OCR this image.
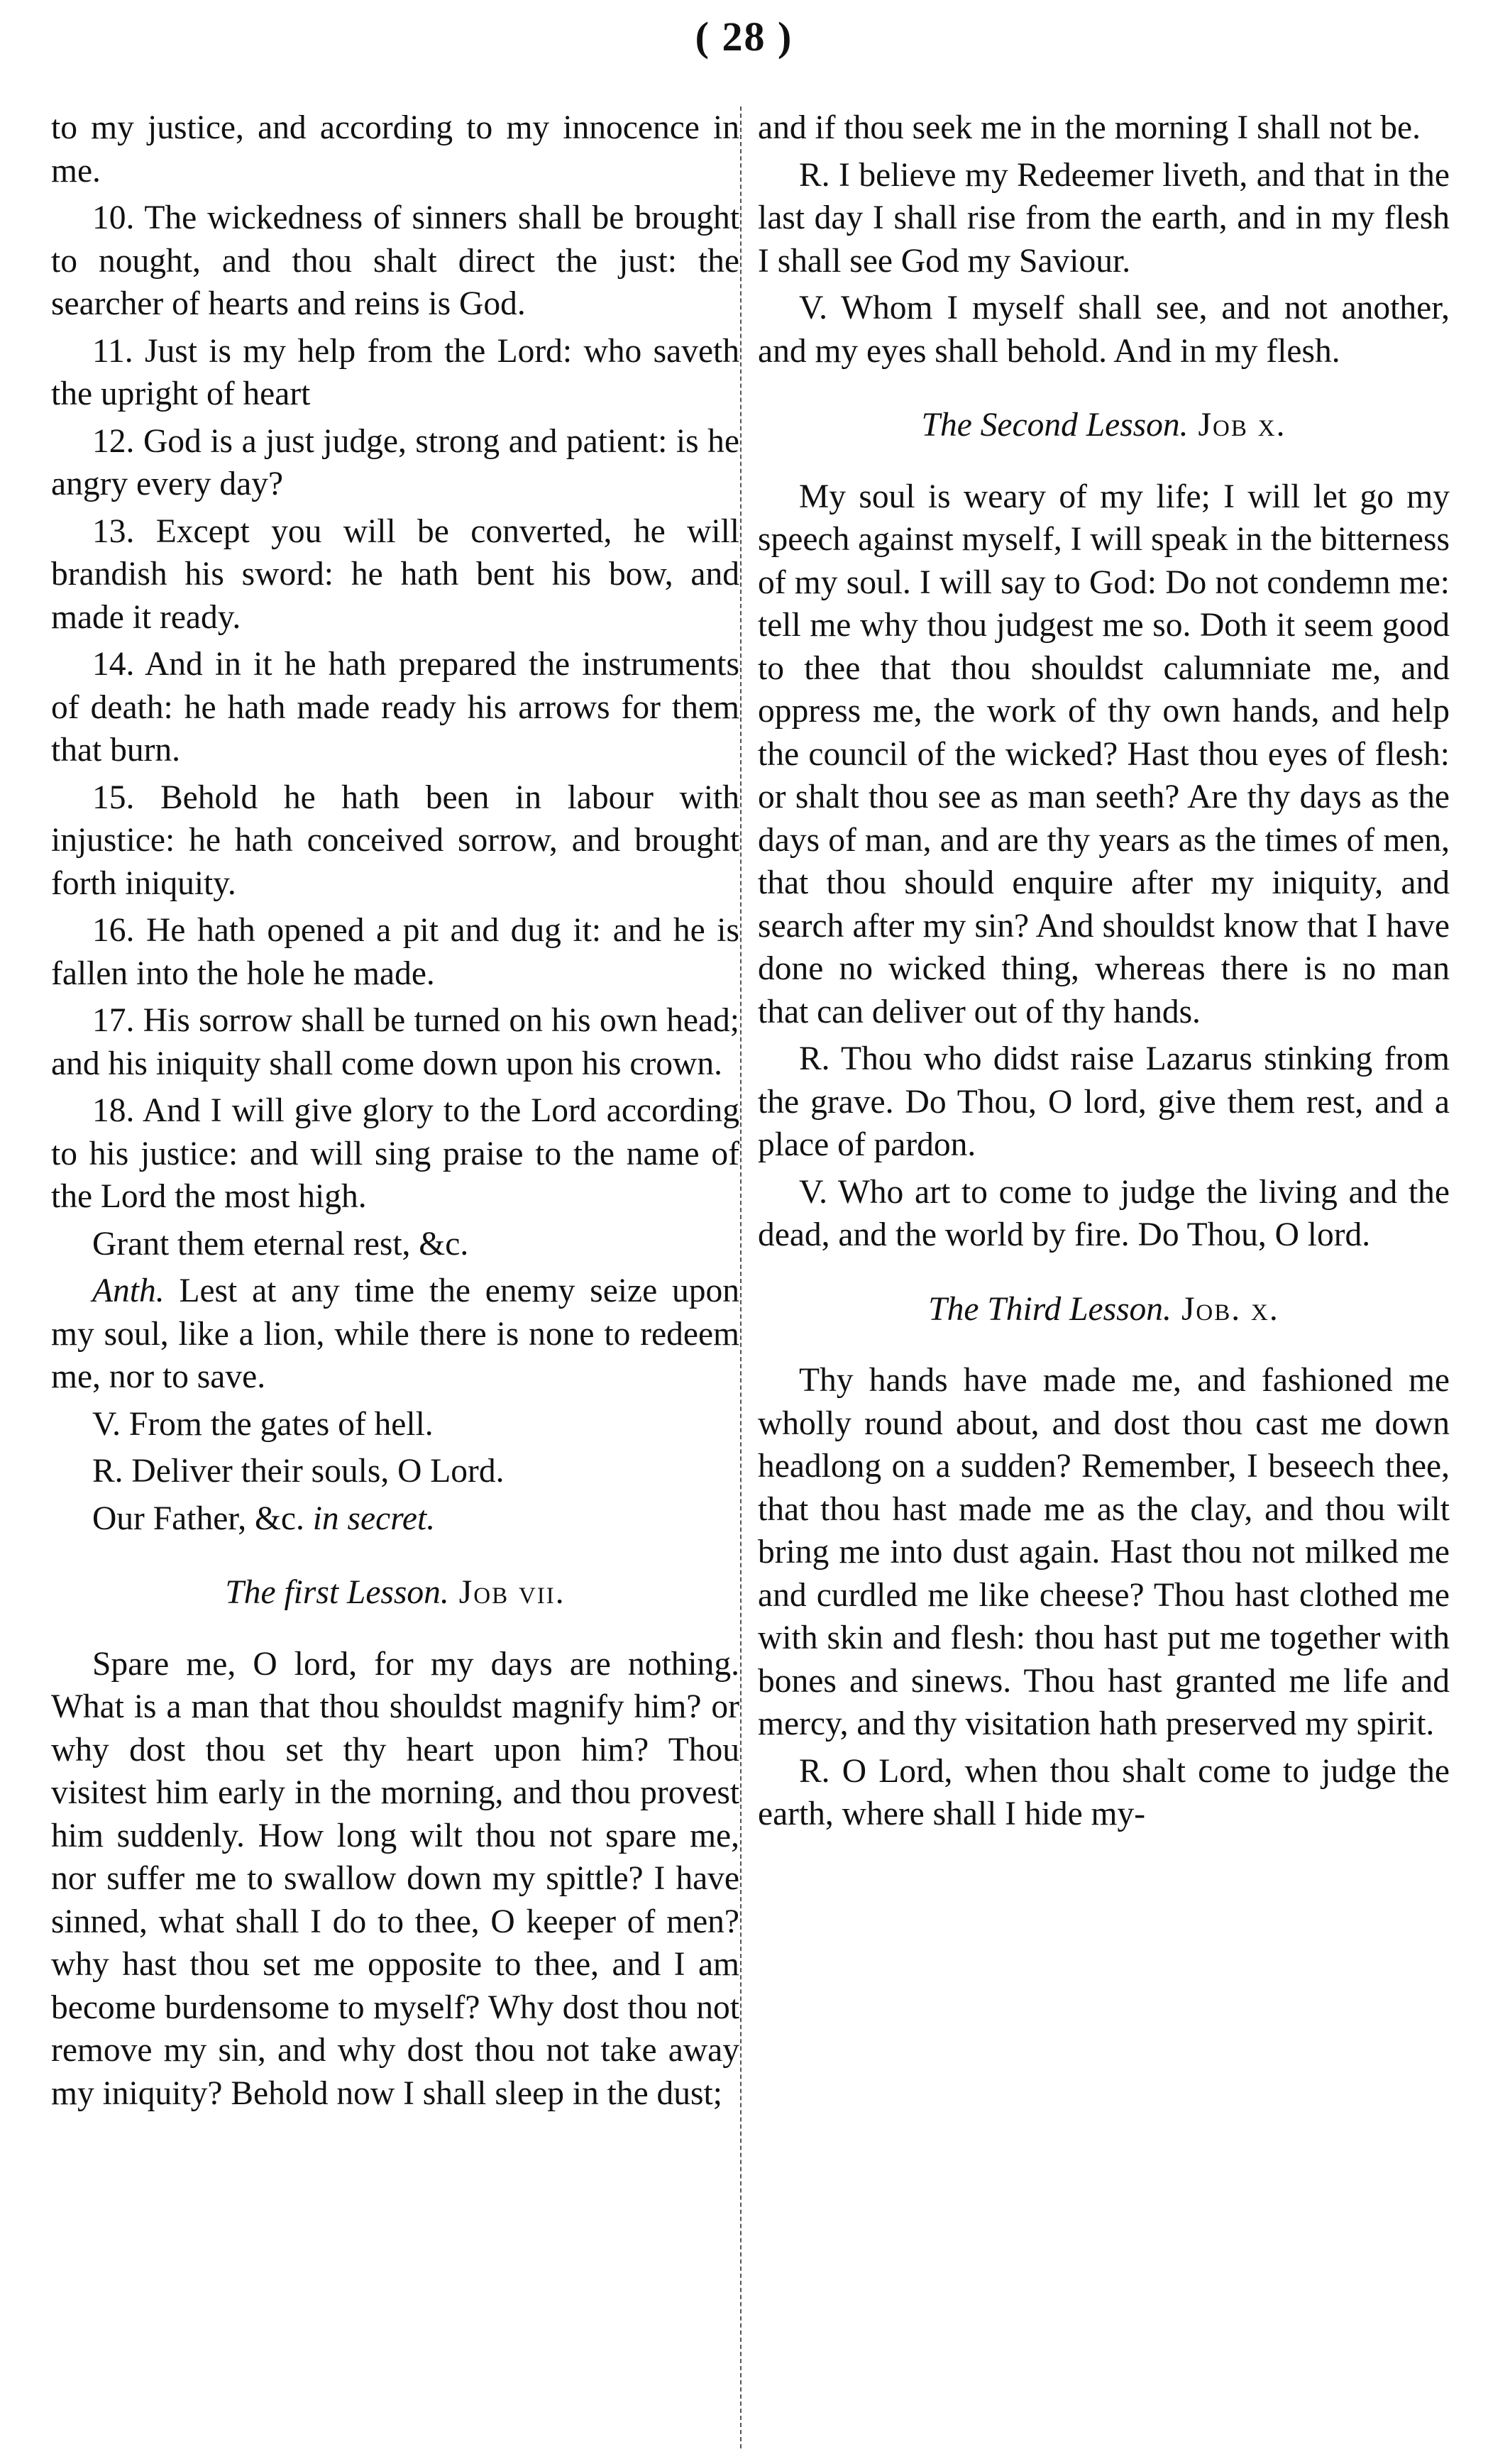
( 28 )

to my justice, and according to my innocence in me.

10. The wickedness of sinners shall be brought to nought, and thou shalt direct the just: the searcher of hearts and reins is God.

11. Just is my help from the Lord: who saveth the upright of heart

12. God is a just judge, strong and patient: is he angry every day?

13. Except you will be converted, he will brandish his sword: he hath bent his bow, and made it ready.

14. And in it he hath prepared the instruments of death: he hath made ready his arrows for them that burn.

15. Behold he hath been in labour with injustice: he hath conceived sorrow, and brought forth iniquity.

16. He hath opened a pit and dug it: and he is fallen into the hole he made.

17. His sorrow shall be turned on his own head; and his iniquity shall come down upon his crown.

18. And I will give glory to the Lord according to his justice: and will sing praise to the name of the Lord the most high.

Grant them eternal rest, &c.

Anth. Lest at any time the enemy seize upon my soul, like a lion, while there is none to redeem me, nor to save.

V. From the gates of hell.

R. Deliver their souls, O Lord.

Our Father, &c. in secret.

The first Lesson. Job vii.

Spare me, O lord, for my days are nothing. What is a man that thou shouldst magnify him? or why dost thou set thy heart upon him? Thou visitest him early in the morning, and thou provest him suddenly. How long wilt thou not spare me, nor suffer me to swallow down my spittle? I have sinned, what shall I do to thee, O keeper of men? why hast thou set me opposite to thee, and I am become burdensome to myself? Why dost thou not remove my sin, and why dost thou not take away my iniquity? Behold now I shall sleep in the dust;

and if thou seek me in the morning I shall not be.

R. I believe my Redeemer liveth, and that in the last day I shall rise from the earth, and in my flesh I shall see God my Saviour.

V. Whom I myself shall see, and not another, and my eyes shall behold. And in my flesh.

The Second Lesson. Job x.

My soul is weary of my life; I will let go my speech against myself, I will speak in the bitterness of my soul. I will say to God: Do not condemn me: tell me why thou judgest me so. Doth it seem good to thee that thou shouldst calumniate me, and oppress me, the work of thy own hands, and help the council of the wicked? Hast thou eyes of flesh: or shalt thou see as man seeth? Are thy days as the days of man, and are thy years as the times of men, that thou should enquire after my iniquity, and search after my sin? And shouldst know that I have done no wicked thing, whereas there is no man that can deliver out of thy hands.

R. Thou who didst raise Lazarus stinking from the grave. Do Thou, O lord, give them rest, and a place of pardon.

V. Who art to come to judge the living and the dead, and the world by fire. Do Thou, O lord.

The Third Lesson. Job. x.

Thy hands have made me, and fashioned me wholly round about, and dost thou cast me down headlong on a sudden? Remember, I beseech thee, that thou hast made me as the clay, and thou wilt bring me into dust again. Hast thou not milked me and curdled me like cheese? Thou hast clothed me with skin and flesh: thou hast put me together with bones and sinews. Thou hast granted me life and mercy, and thy visitation hath preserved my spirit.

R. O Lord, when thou shalt come to judge the earth, where shall I hide my-
